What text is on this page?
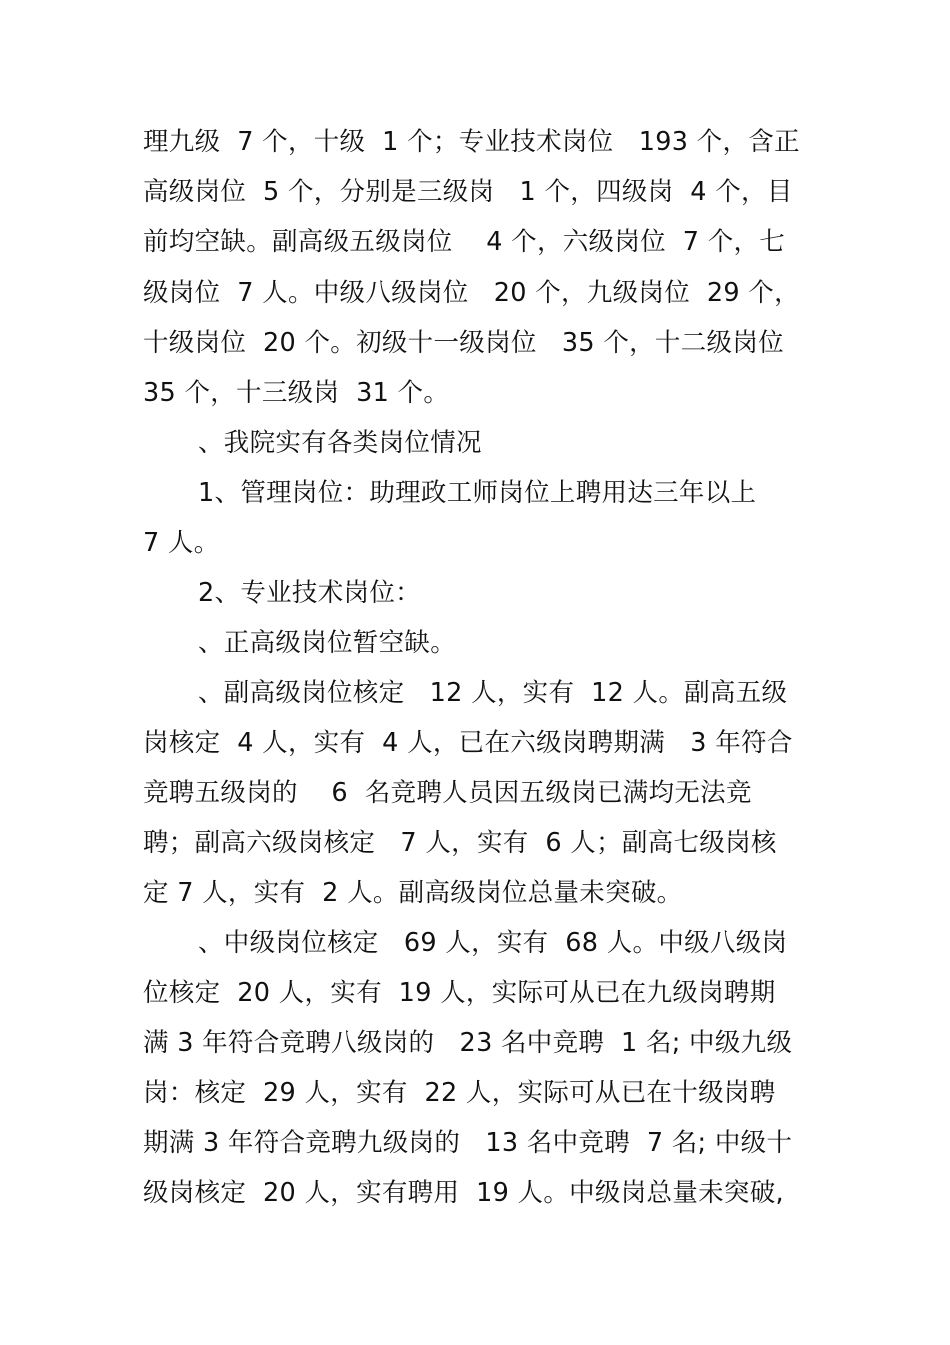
理九级  7 个，十级  1 个；专业技术岗位   193 个，含正
高级岗位  5 个，分别是三级岗   1 个，四级岗  4 个，目
前均空缺。副高级五级岗位    4 个，六级岗位  7 个，七
级岗位  7 人。中级八级岗位   20 个，九级岗位  29 个，
十级岗位  20 个。初级十一级岗位   35 个，十二级岗位
35 个，十三级岗  31 个。
、我院实有各类岗位情况
1、管理岗位：助理政工师岗位上聘用达三年以上
7 人。
2、专业技术岗位：
、正高级岗位暂空缺。
、副高级岗位核定   12 人，实有  12 人。副高五级
岗核定  4 人，实有  4 人，已在六级岗聘期满   3 年符合
竞聘五级岗的    6  名竞聘人员因五级岗已满均无法竞
聘；副高六级岗核定   7 人，实有  6 人；副高七级岗核
定 7 人，实有  2 人。副高级岗位总量未突破。
、中级岗位核定   69 人，实有  68 人。中级八级岗
位核定  20 人，实有  19 人，实际可从已在九级岗聘期
满 3 年符合竞聘八级岗的   23 名中竞聘  1 名; 中级九级
岗：核定  29 人，实有  22 人，实际可从已在十级岗聘
期满 3 年符合竞聘九级岗的   13 名中竞聘  7 名; 中级十
级岗核定  20 人，实有聘用  19 人。中级岗总量未突破,
